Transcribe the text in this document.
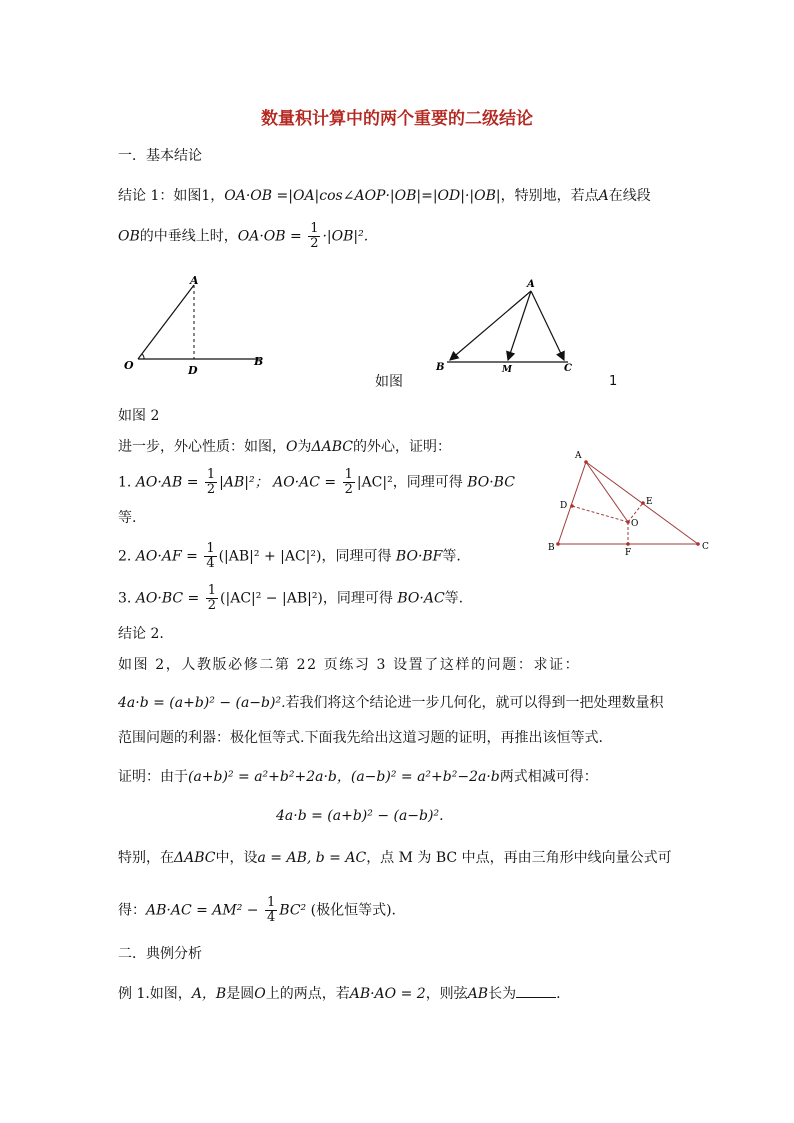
数量积计算中的两个重要的二级结论
一．基本结论
结论 1：如图1，OA·OB =|OA|cos∠AOP·|OB|=|OD|·|OB|，特别地，若点A在线段
OB的中垂线上时，$OA\cdot OB = \frac{1}{2} \cdot|OB|^2$.
A
O	D
B
A
B	M	C
如图	1
如图 2
进一步，外心性质：如图，O为ΔABC的外心，证明：
1. $AO\cdot AB = \frac{1}{2} |AB|^2$； $AO\cdot AC = \frac{1}{2} |AC|^2$，同理可得 BO·BC
等.
2. $AO\cdot AF = \frac{1}{4} (|AB|^2 + |AC|^2)$，同理可得 BO·BF等.
3. $AO\cdot BC = \frac{1}{2} (|AC|^2 - |AB|^2)$，同理可得 BO·AC等.
A
D	E
O
B	F
C
结论 2.
如图 2，人教版必修二第 22 页练习 3 设置了这样的问题：求证：
4a·b = (a+b)² − (a−b)².若我们将这个结论进一步几何化，就可以得到一把处理数量积
范围问题的利器：极化恒等式.下面我先给出这道习题的证明，再推出该恒等式.
证明：由于(a+b)² = a²+b²+2a·b，(a−b)² = a²+b²−2a·b两式相减可得：
4a·b = (a+b)² − (a−b)².
特别，在ΔABC中，设a = AB, b = AC，点 M 为 BC 中点，再由三角形中线向量公式可
得：$AB\cdot AC = AM^2 - \frac{1}{4} BC^2$ (极化恒等式).
二．典例分析
例 1.如图，A，B是圆O上的两点，若AB·AO = 2，则弦AB长为	.
